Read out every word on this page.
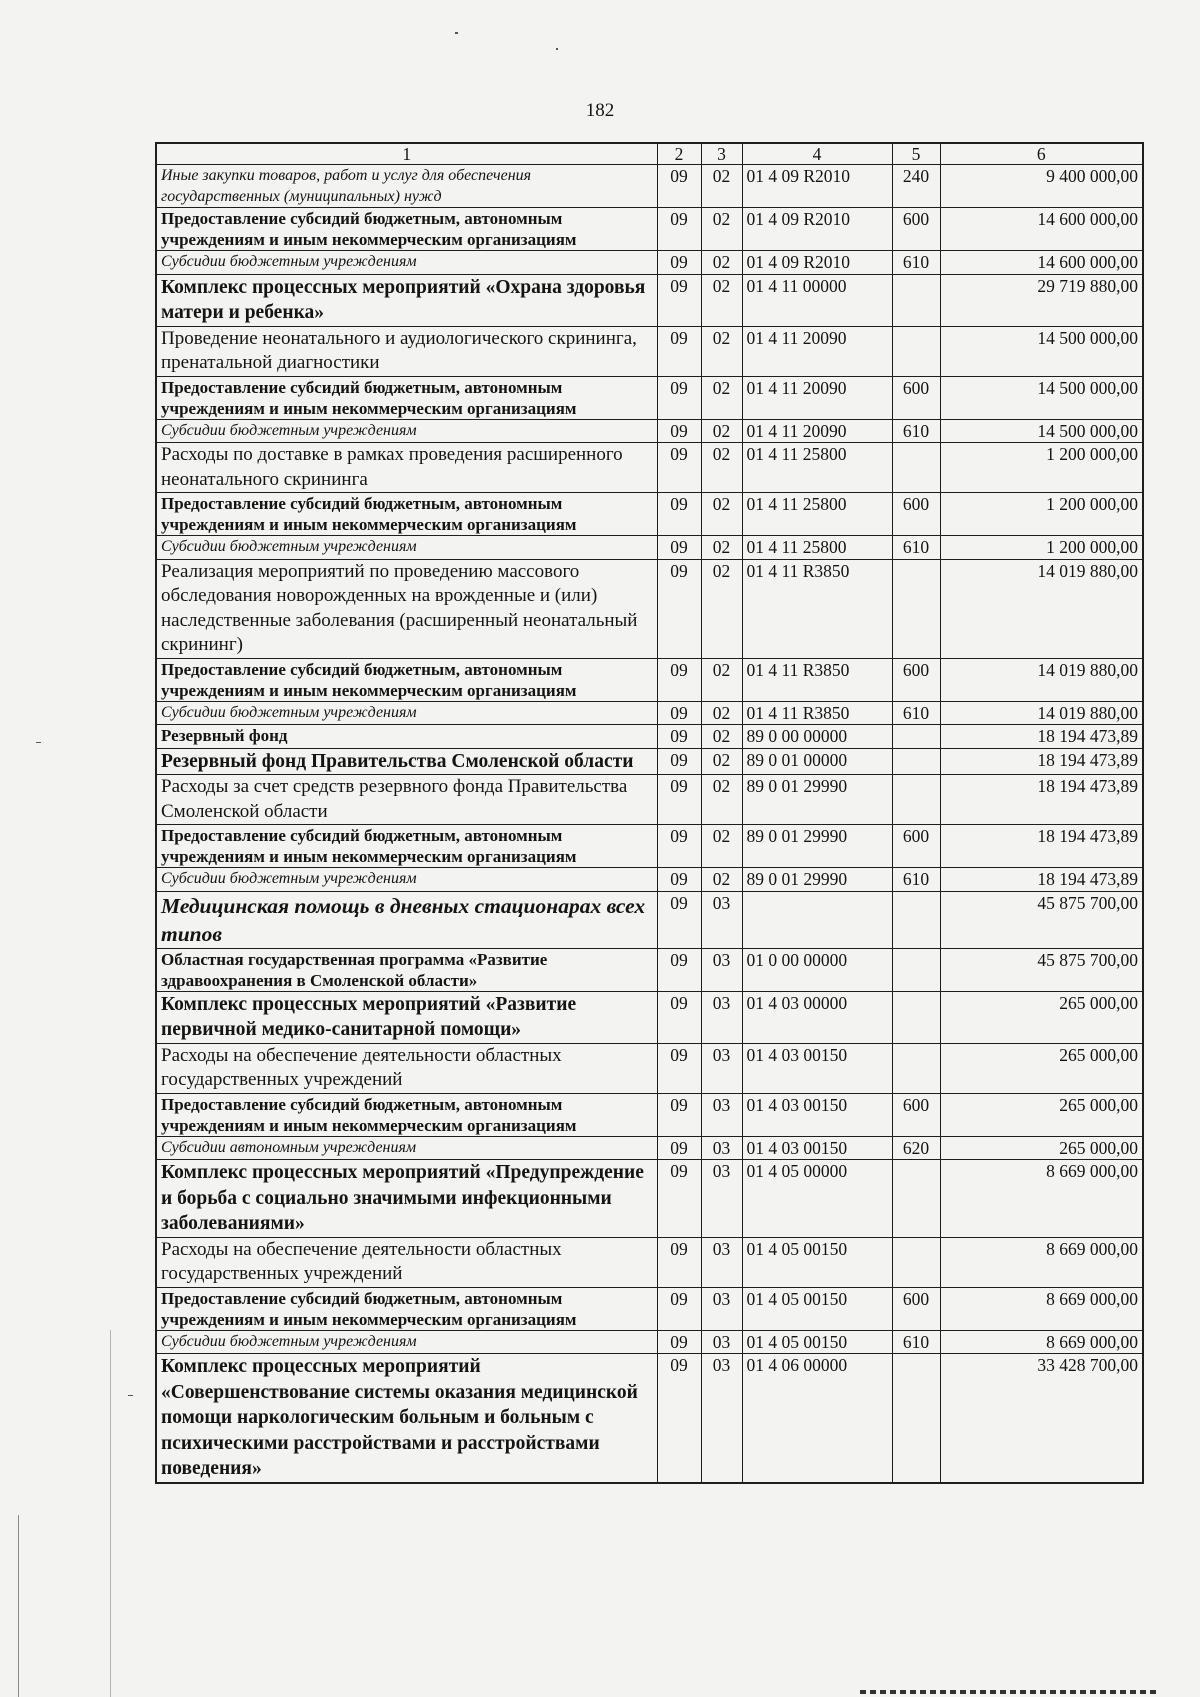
182
1	2	3	4	5	6
Иные закупки товаров, работ и услуг для обеспечения государственных (муниципальных) нужд	09	02	01 4 09 R2010	240	9 400 000,00
Предоставление субсидий бюджетным, автономным учреждениям и иным некоммерческим организациям	09	02	01 4 09 R2010	600	14 600 000,00
Субсидии бюджетным учреждениям	09	02	01 4 09 R2010	610	14 600 000,00
Комплекс процессных мероприятий «Охрана здоровья матери и ребенка»	09	02	01 4 11 00000		29 719 880,00
Проведение неонатального и аудиологического скрининга, пренатальной диагностики	09	02	01 4 11 20090		14 500 000,00
Предоставление субсидий бюджетным, автономным учреждениям и иным некоммерческим организациям	09	02	01 4 11 20090	600	14 500 000,00
Субсидии бюджетным учреждениям	09	02	01 4 11 20090	610	14 500 000,00
Расходы по доставке в рамках проведения расширенного неонатального скрининга	09	02	01 4 11 25800		1 200 000,00
Предоставление субсидий бюджетным, автономным учреждениям и иным некоммерческим организациям	09	02	01 4 11 25800	600	1 200 000,00
Субсидии бюджетным учреждениям	09	02	01 4 11 25800	610	1 200 000,00
Реализация мероприятий по проведению массового обследования новорожденных на врожденные и (или) наследственные заболевания (расширенный неонатальный скрининг)	09	02	01 4 11 R3850		14 019 880,00
Предоставление субсидий бюджетным, автономным учреждениям и иным некоммерческим организациям	09	02	01 4 11 R3850	600	14 019 880,00
Субсидии бюджетным учреждениям	09	02	01 4 11 R3850	610	14 019 880,00
Резервный фонд	09	02	89 0 00 00000		18 194 473,89
Резервный фонд Правительства Смоленской области	09	02	89 0 01 00000		18 194 473,89
Расходы за счет средств резервного фонда Правительства Смоленской области	09	02	89 0 01 29990		18 194 473,89
Предоставление субсидий бюджетным, автономным учреждениям и иным некоммерческим организациям	09	02	89 0 01 29990	600	18 194 473,89
Субсидии бюджетным учреждениям	09	02	89 0 01 29990	610	18 194 473,89
Медицинская помощь в дневных стационарах всех типов	09	03			45 875 700,00
Областная государственная программа «Развитие здравоохранения в Смоленской области»	09	03	01 0 00 00000		45 875 700,00
Комплекс процессных мероприятий «Развитие первичной медико-санитарной помощи»	09	03	01 4 03 00000		265 000,00
Расходы на обеспечение деятельности областных государственных учреждений	09	03	01 4 03 00150		265 000,00
Предоставление субсидий бюджетным, автономным учреждениям и иным некоммерческим организациям	09	03	01 4 03 00150	600	265 000,00
Субсидии автономным учреждениям	09	03	01 4 03 00150	620	265 000,00
Комплекс процессных мероприятий «Предупреждение и борьба с социально значимыми инфекционными заболеваниями»	09	03	01 4 05 00000		8 669 000,00
Расходы на обеспечение деятельности областных государственных учреждений	09	03	01 4 05 00150		8 669 000,00
Предоставление субсидий бюджетным, автономным учреждениям и иным некоммерческим организациям	09	03	01 4 05 00150	600	8 669 000,00
Субсидии бюджетным учреждениям	09	03	01 4 05 00150	610	8 669 000,00
Комплекс процессных мероприятий «Совершенствование системы оказания медицинской помощи наркологическим больным и больным с психическими расстройствами и расстройствами поведения»	09	03	01 4 06 00000		33 428 700,00
